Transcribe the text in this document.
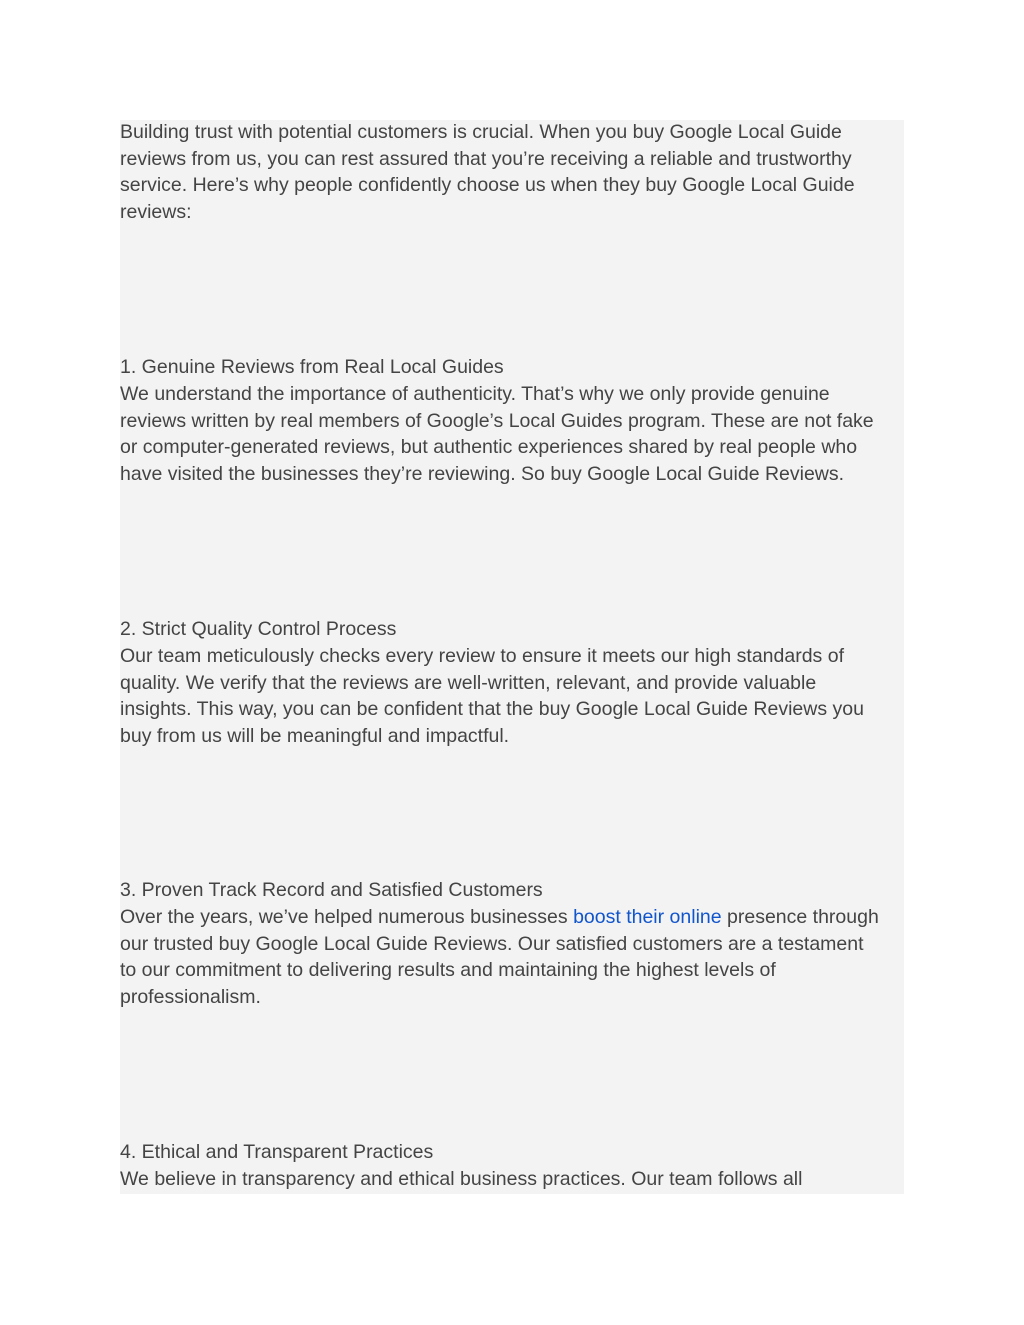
Building trust with potential customers is crucial. When you buy Google Local Guide
reviews from us, you can rest assured that you’re receiving a reliable and trustworthy
service. Here’s why people confidently choose us when they buy Google Local Guide
reviews:

1. Genuine Reviews from Real Local Guides

We understand the importance of authenticity. That’s why we only provide genuine
reviews written by real members of Google’s Local Guides program. These are not fake
or computer-generated reviews, but authentic experiences shared by real people who
have visited the businesses they’re reviewing. So buy Google Local Guide Reviews.

2. Strict Quality Control Process

Our team meticulously checks every review to ensure it meets our high standards of
quality. We verify that the reviews are well-written, relevant, and provide valuable
insights. This way, you can be confident that the buy Google Local Guide Reviews you
buy from us will be meaningful and impactful.

3. Proven Track Record and Satisfied Customers

Over the years, we’ve helped numerous businesses boost their online presence through
our trusted buy Google Local Guide Reviews. Our satisfied customers are a testament
to our commitment to delivering results and maintaining the highest levels of
professionalism.

4. Ethical and Transparent Practices

We believe in transparency and ethical business practices. Our team follows all
